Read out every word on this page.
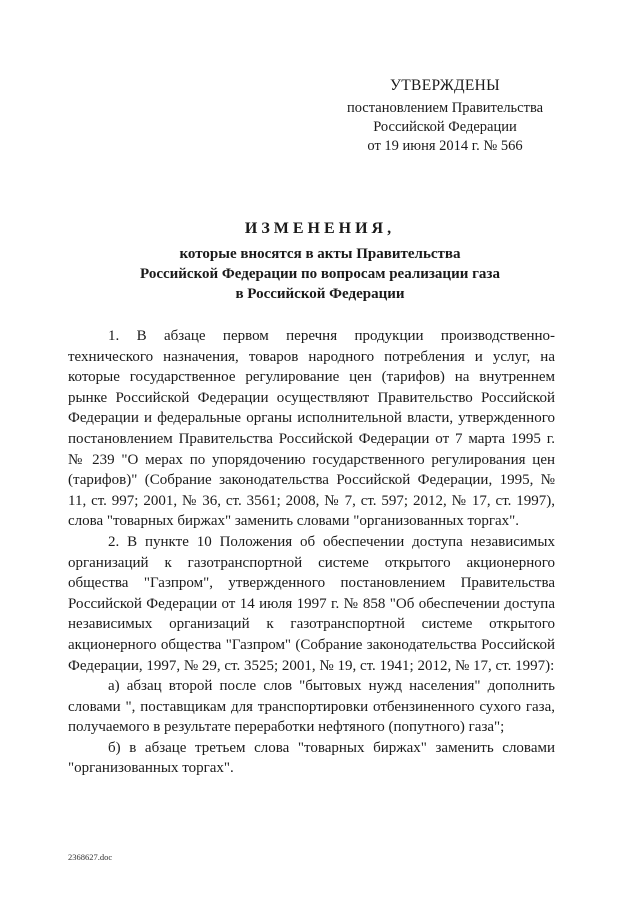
УТВЕРЖДЕНЫ
постановлением Правительства
Российской Федерации
от 19 июня 2014 г. № 566
ИЗМЕНЕНИЯ,
которые вносятся в акты Правительства
Российской Федерации по вопросам реализации газа
в Российской Федерации

1. В абзаце первом перечня продукции производственно-технического назначения, товаров народного потребления и услуг, на которые государственное регулирование цен (тарифов) на внутреннем рынке Российской Федерации осуществляют Правительство Российской Федерации и федеральные органы исполнительной власти, утвержденного постановлением Правительства Российской Федерации от 7 марта 1995 г. № 239 "О мерах по упорядочению государственного регулирования цен (тарифов)" (Собрание законодательства Российской Федерации, 1995, № 11, ст. 997; 2001, № 36, ст. 3561; 2008, № 7, ст. 597; 2012, № 17, ст. 1997), слова "товарных биржах" заменить словами "организованных торгах".

2. В пункте 10 Положения об обеспечении доступа независимых организаций к газотранспортной системе открытого акционерного общества "Газпром", утвержденного постановлением Правительства Российской Федерации от 14 июля 1997 г. № 858 "Об обеспечении доступа независимых организаций к газотранспортной системе открытого акционерного общества "Газпром" (Собрание законодательства Российской Федерации, 1997, № 29, ст. 3525; 2001, № 19, ст. 1941; 2012, № 17, ст. 1997):

а) абзац второй после слов "бытовых нужд населения" дополнить словами ", поставщикам для транспортировки отбензиненного сухого газа, получаемого в результате переработки нефтяного (попутного) газа";

б) в абзаце третьем слова "товарных биржах" заменить словами "организованных торгах".

2368627.doc
